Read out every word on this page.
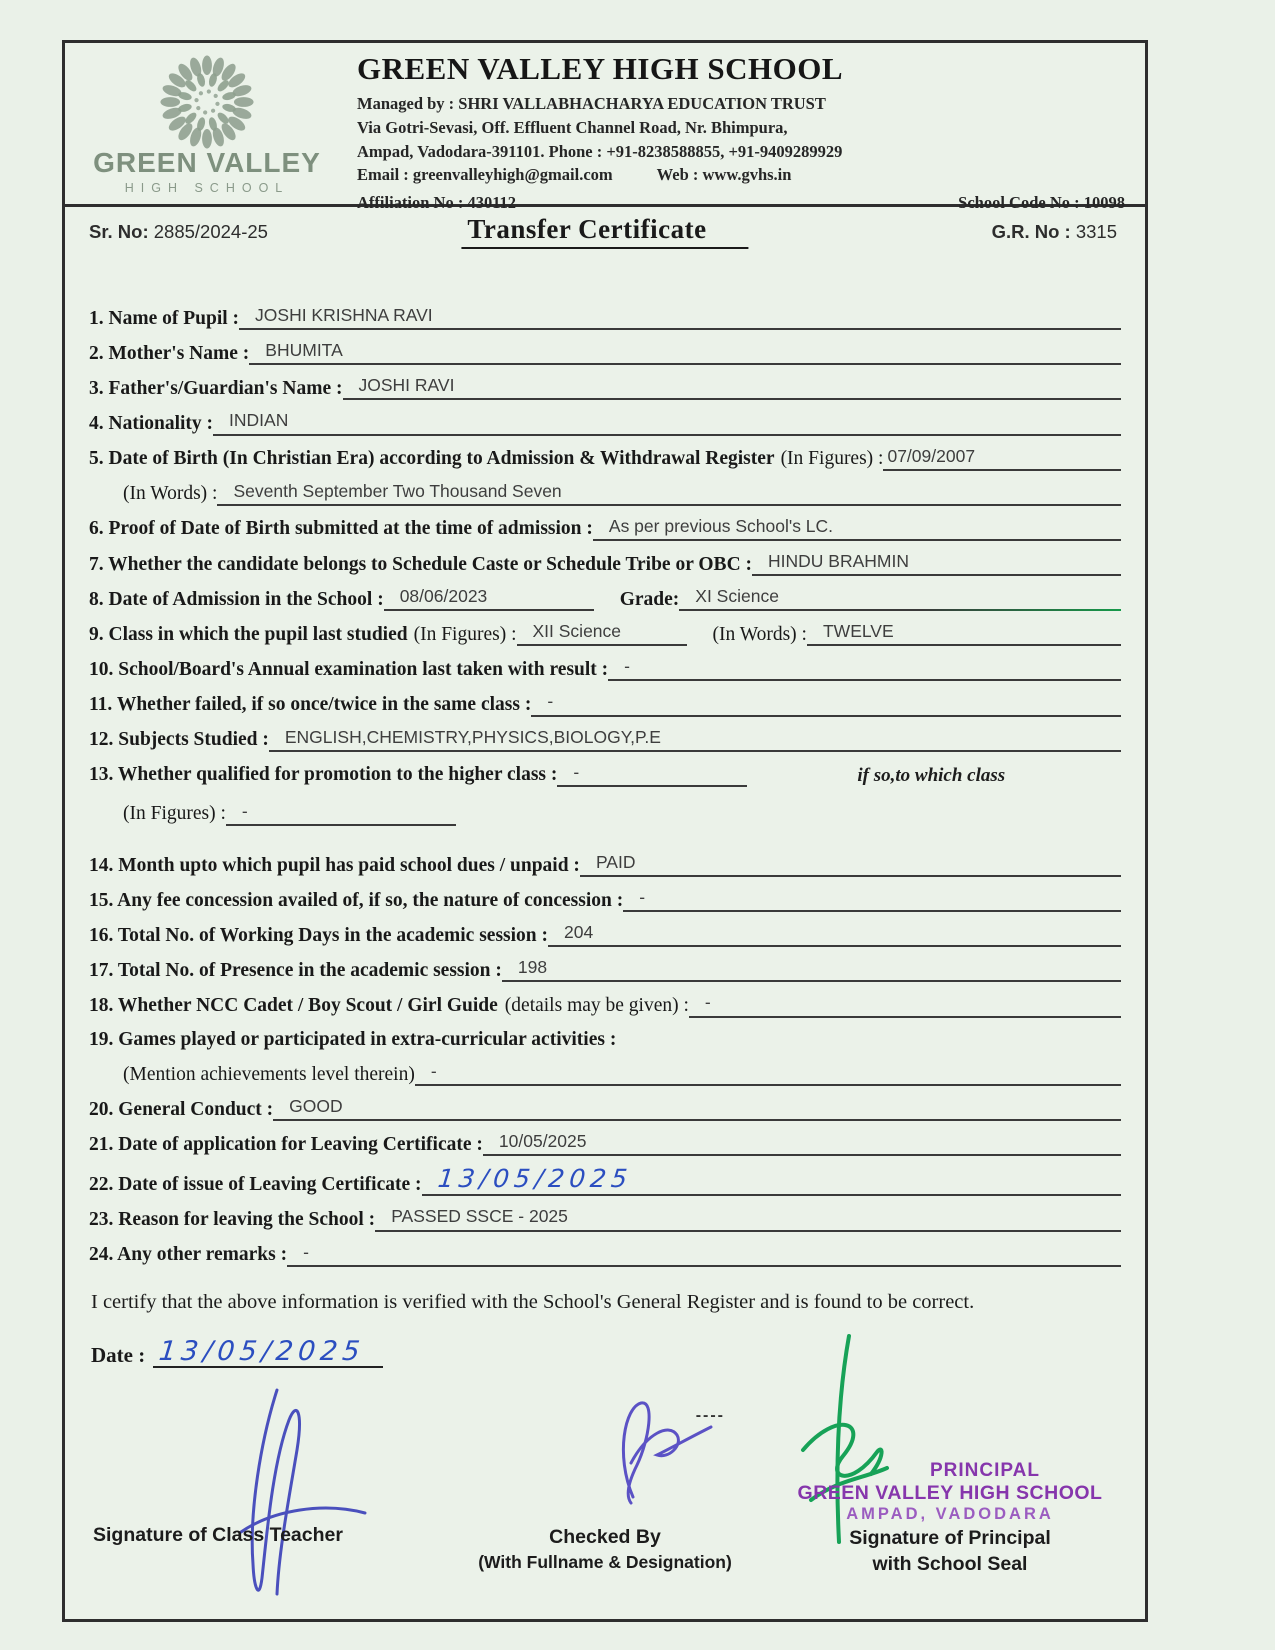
GREEN VALLEY
HIGH SCHOOL
GREEN VALLEY HIGH SCHOOL
Managed by : SHRI VALLABHACHARYA EDUCATION TRUST
Via Gotri-Sevasi, Off. Effluent Channel Road, Nr. Bhimpura,
Ampad, Vadodara-391101. Phone : +91-8238588855, +91-9409289929
Email : greenvalleyhigh@gmail.com	Web : www.gvhs.in
Affiliation No : 430112	School Code No : 10098
Sr. No: 2885/2024-25	Transfer Certificate	G.R. No : 3315
1. Name of Pupil : JOSHI KRISHNA RAVI
2. Mother's Name : BHUMITA
3. Father's/Guardian's Name : JOSHI RAVI
4. Nationality : INDIAN
5. Date of Birth (In Christian Era) according to Admission & Withdrawal Register (In Figures) : 07/09/2007
(In Words) : Seventh September Two Thousand Seven
6. Proof of Date of Birth submitted at the time of admission : As per previous School's LC.
7. Whether the candidate belongs to Schedule Caste or Schedule Tribe or OBC : HINDU BRAHMIN
8. Date of Admission in the School : 08/06/2023	Grade: XI Science
9. Class in which the pupil last studied (In Figures) : XII Science	(In Words) : TWELVE
10. School/Board's Annual examination last taken with result : -
11. Whether failed, if so once/twice in the same class : -
12. Subjects Studied : ENGLISH,CHEMISTRY,PHYSICS,BIOLOGY,P.E
13. Whether qualified for promotion to the higher class : -	if so,to which class
(In Figures) : -
14. Month upto which pupil has paid school dues / unpaid : PAID
15. Any fee concession availed of, if so, the nature of concession : -
16. Total No. of Working Days in the academic session : 204
17. Total No. of Presence in the academic session : 198
18. Whether NCC Cadet / Boy Scout / Girl Guide (details may be given) : -
19. Games played or participated in extra-curricular activities :
(Mention achievements level therein) -
20. General Conduct : GOOD
21. Date of application for Leaving Certificate : 10/05/2025
22. Date of issue of Leaving Certificate : 13/05/2025
23. Reason for leaving the School : PASSED SSCE - 2025
24. Any other remarks : -
I certify that the above information is verified with the School's General Register and is found to be correct.
Date : 13/05/2025
----
Signature of Class Teacher	Checked By
(With Fullname & Designation)
PRINCIPAL
GREEN VALLEY HIGH SCHOOL
AMPAD, VADODARA
Signature of Principal
with School Seal
